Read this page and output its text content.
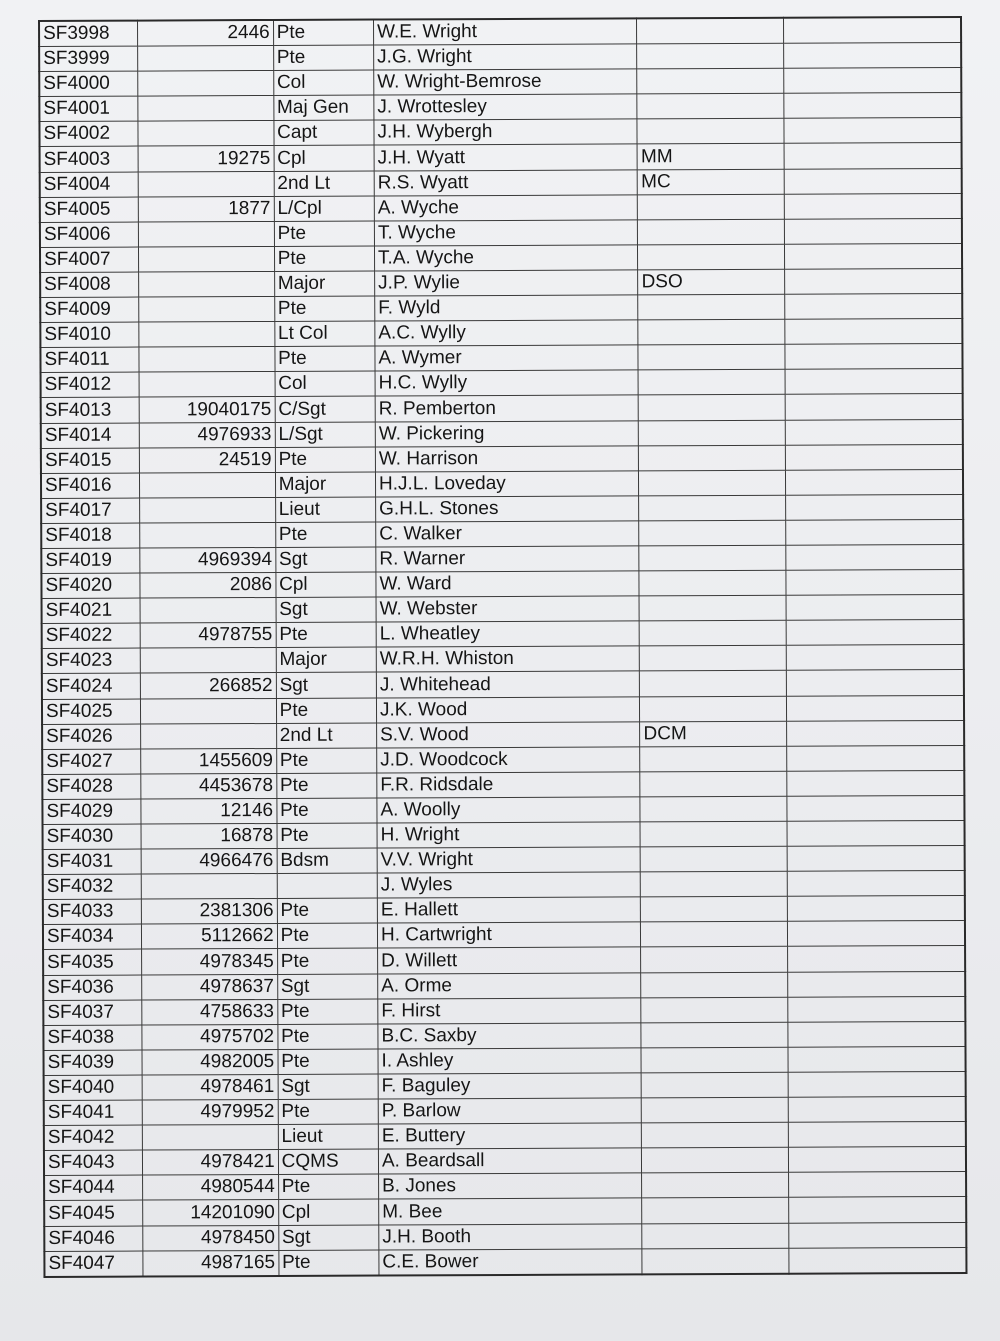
SF3998	2446	Pte	W.E. Wright		
SF3999		Pte	J.G. Wright		
SF4000		Col	W. Wright-Bemrose		
SF4001		Maj Gen	J. Wrottesley		
SF4002		Capt	J.H. Wybergh		
SF4003	19275	Cpl	J.H. Wyatt	MM	
SF4004		2nd Lt	R.S. Wyatt	MC	
SF4005	1877	L/Cpl	A. Wyche		
SF4006		Pte	T. Wyche		
SF4007		Pte	T.A. Wyche		
SF4008		Major	J.P. Wylie	DSO	
SF4009		Pte	F. Wyld		
SF4010		Lt Col	A.C. Wylly		
SF4011		Pte	A. Wymer		
SF4012		Col	H.C. Wylly		
SF4013	19040175	C/Sgt	R. Pemberton		
SF4014	4976933	L/Sgt	W. Pickering		
SF4015	24519	Pte	W. Harrison		
SF4016		Major	H.J.L. Loveday		
SF4017		Lieut	G.H.L. Stones		
SF4018		Pte	C. Walker		
SF4019	4969394	Sgt	R. Warner		
SF4020	2086	Cpl	W. Ward		
SF4021		Sgt	W. Webster		
SF4022	4978755	Pte	L. Wheatley		
SF4023		Major	W.R.H. Whiston		
SF4024	266852	Sgt	J. Whitehead		
SF4025		Pte	J.K. Wood		
SF4026		2nd Lt	S.V. Wood	DCM	
SF4027	1455609	Pte	J.D. Woodcock		
SF4028	4453678	Pte	F.R. Ridsdale		
SF4029	12146	Pte	A. Woolly		
SF4030	16878	Pte	H. Wright		
SF4031	4966476	Bdsm	V.V. Wright		
SF4032			J. Wyles		
SF4033	2381306	Pte	E. Hallett		
SF4034	5112662	Pte	H. Cartwright		
SF4035	4978345	Pte	D. Willett		
SF4036	4978637	Sgt	A. Orme		
SF4037	4758633	Pte	F. Hirst		
SF4038	4975702	Pte	B.C. Saxby		
SF4039	4982005	Pte	I. Ashley		
SF4040	4978461	Sgt	F. Baguley		
SF4041	4979952	Pte	P. Barlow		
SF4042		Lieut	E. Buttery		
SF4043	4978421	CQMS	A. Beardsall		
SF4044	4980544	Pte	B. Jones		
SF4045	14201090	Cpl	M. Bee		
SF4046	4978450	Sgt	J.H. Booth		
SF4047	4987165	Pte	C.E. Bower		
